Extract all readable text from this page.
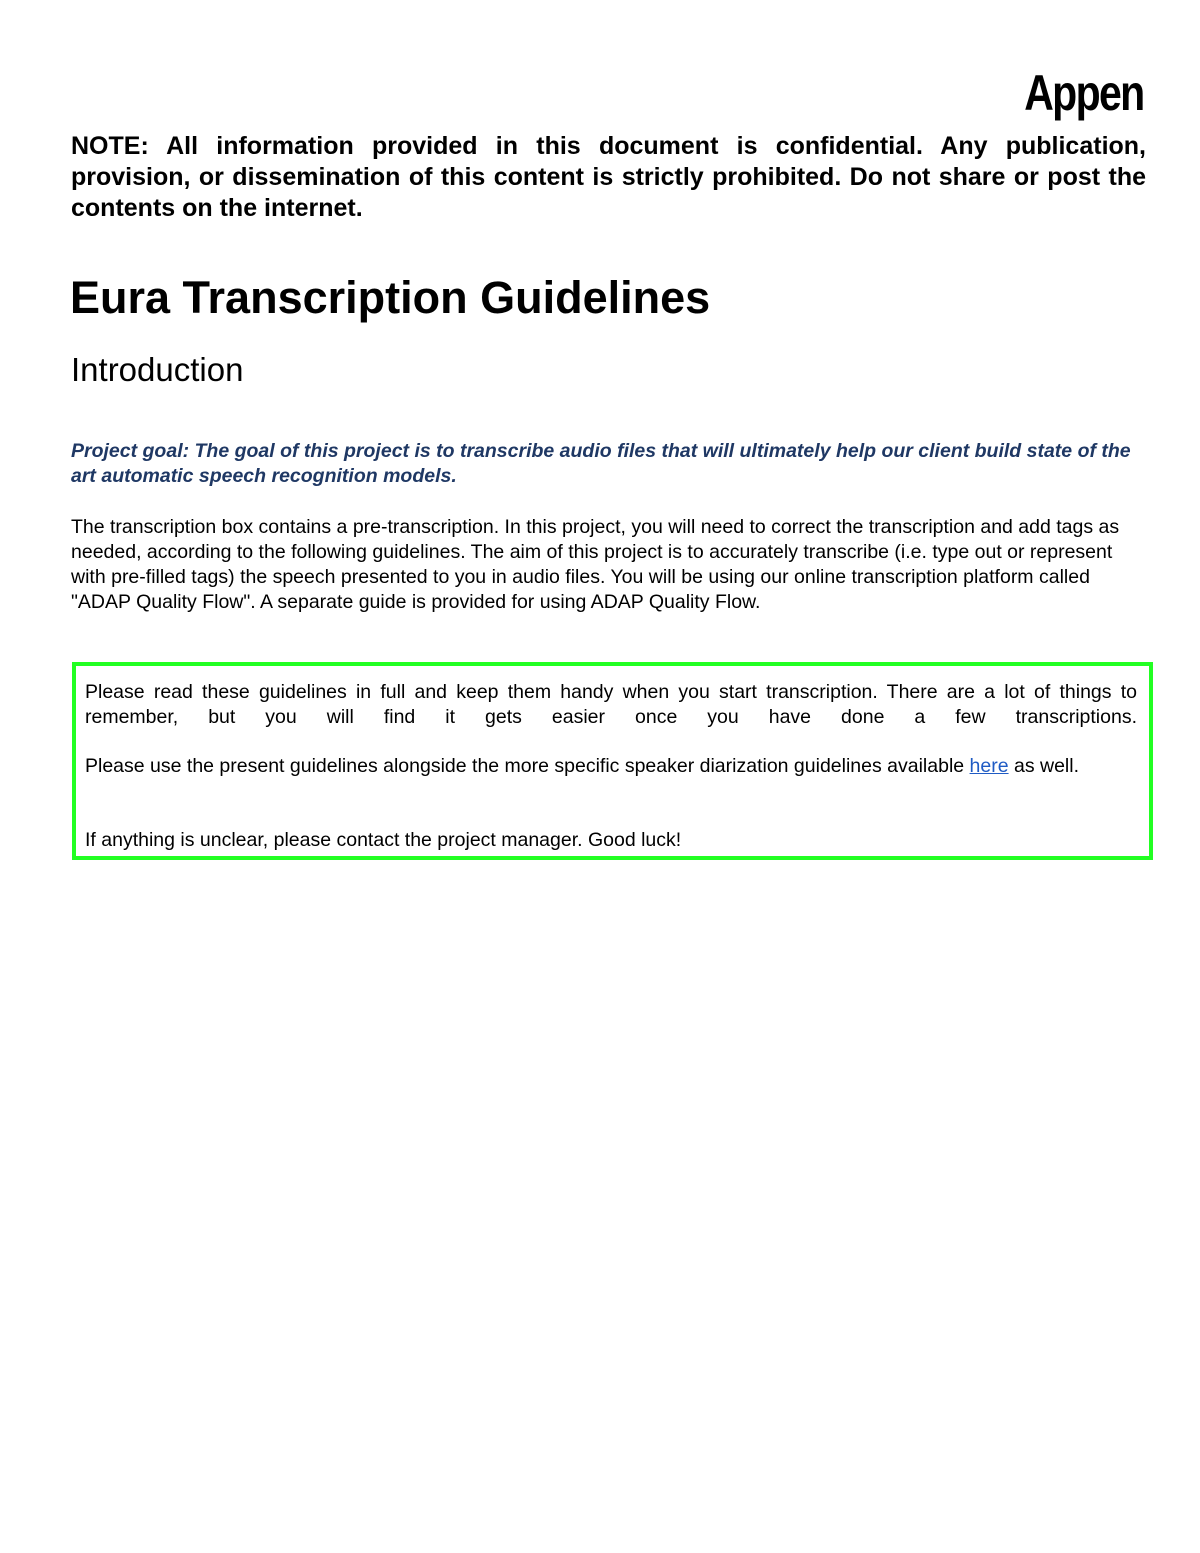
Appen

NOTE: All information provided in this document is confidential. Any publication, provision, or dissemination of this content is strictly prohibited. Do not share or post the contents on the internet.

Eura Transcription Guidelines
Introduction

Project goal: The goal of this project is to transcribe audio files that will ultimately help our client build state of the art automatic speech recognition models.

The transcription box contains a pre-transcription. In this project, you will need to correct the transcription and add tags as needed, according to the following guidelines. The aim of this project is to accurately transcribe (i.e. type out or represent with pre-filled tags) the speech presented to you in audio files. You will be using our online transcription platform called "ADAP Quality Flow". A separate guide is provided for using ADAP Quality Flow.

Please read these guidelines in full and keep them handy when you start transcription. There are a lot of things to remember, but you will find it gets easier once you have done a few transcriptions.

Please use the present guidelines alongside the more specific speaker diarization guidelines available here as well.

If anything is unclear, please contact the project manager. Good luck!
